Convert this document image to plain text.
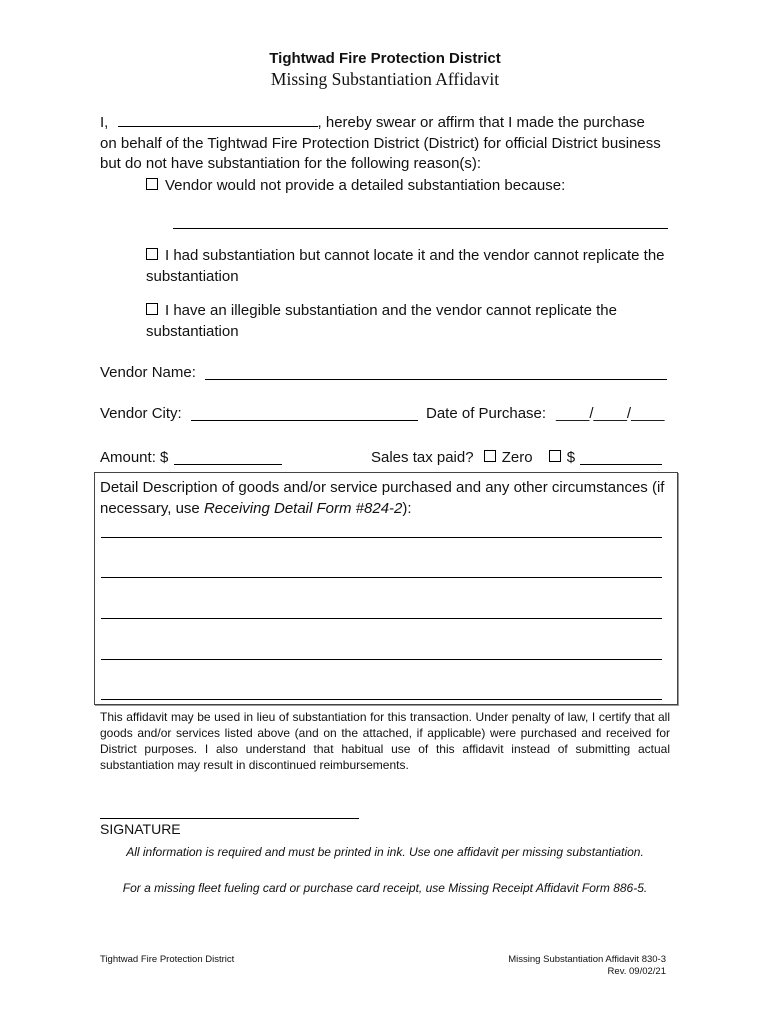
Tightwad Fire Protection District
Missing Substantiation Affidavit
I,	, hereby swear or affirm that I made the purchase
on behalf of the Tightwad Fire Protection District (District) for official District business
but do not have substantiation for the following reason(s):
Vendor would not provide a detailed substantiation because:
I had substantiation but cannot locate it and the vendor cannot replicate the
substantiation
I have an illegible substantiation and the vendor cannot replicate the
substantiation
Vendor Name:
Vendor City:	Date of Purchase: ____/____/____
Amount: $	Sales tax paid? Zero $
Detail Description of goods and/or service purchased and any other circumstances (if
necessary, use Receiving Detail Form #824-2):
This affidavit may be used in lieu of substantiation for this transaction. Under penalty of law, I certify that all goods and/or services listed above (and on the attached, if applicable) were purchased and received for District purposes. I also understand that habitual use of this affidavit instead of submitting actual substantiation may result in discontinued reimbursements.
SIGNATURE
All information is required and must be printed in ink. Use one affidavit per missing substantiation.
For a missing fleet fueling card or purchase card receipt, use Missing Receipt Affidavit Form 886-5.
Tightwad Fire Protection District	Missing Substantiation Affidavit 830-3
Rev. 09/02/21
